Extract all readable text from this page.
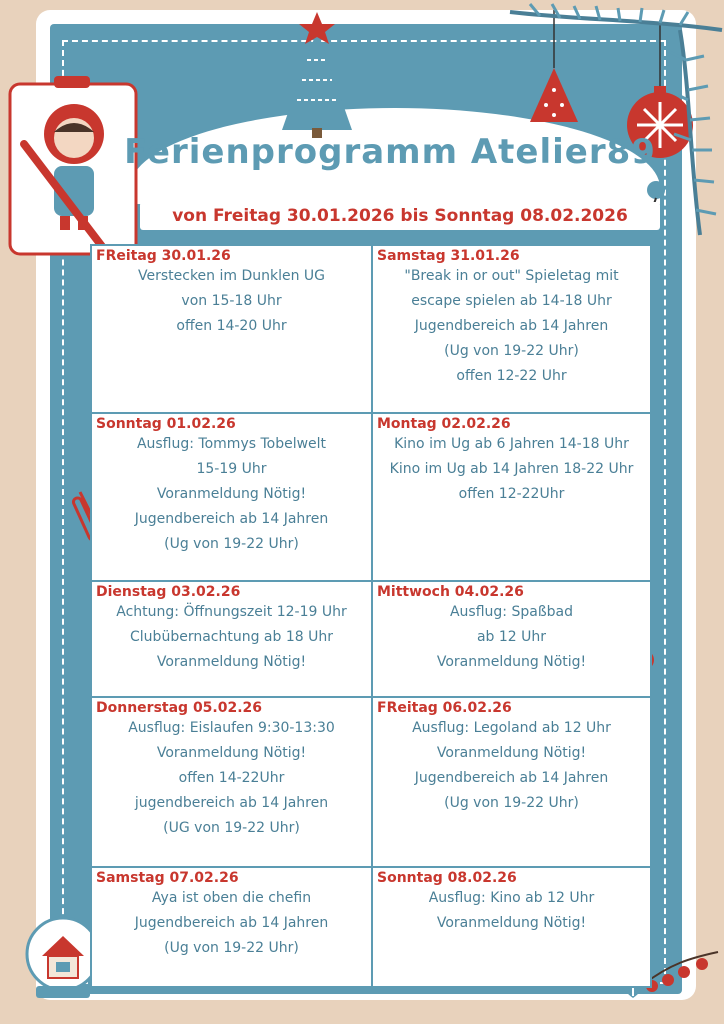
Ferienprogramm Atelier89
von Freitag 30.01.2026 bis Sonntag 08.02.2026
FReitag 30.01.26
Verstecken im Dunklen UG
von 15-18 Uhr
offen 14-20 Uhr
Samstag 31.01.26
"Break in or out" Spieletag mit
escape spielen ab 14-18 Uhr
Jugendbereich ab 14 Jahren
(Ug von 19-22 Uhr)
offen 12-22 Uhr
Sonntag 01.02.26
Ausflug: Tommys Tobelwelt
15-19 Uhr
Voranmeldung Nötig!
Jugendbereich ab 14 Jahren
(Ug von 19-22 Uhr)
Montag 02.02.26
Kino im Ug ab 6 Jahren 14-18 Uhr
Kino im Ug ab 14 Jahren 18-22 Uhr
offen 12-22Uhr
Dienstag 03.02.26
Achtung: Öffnungszeit 12-19 Uhr
Clubübernachtung ab 18 Uhr
Voranmeldung Nötig!
Mittwoch 04.02.26
Ausflug: Spaßbad
ab 12 Uhr
Voranmeldung Nötig!
Donnerstag 05.02.26
Ausflug: Eislaufen 9:30-13:30
Voranmeldung Nötig!
offen 14-22Uhr
jugendbereich ab 14 Jahren
(UG von 19-22 Uhr)
FReitag 06.02.26
Ausflug: Legoland ab 12 Uhr
Voranmeldung Nötig!
Jugendbereich ab 14 Jahren
(Ug von 19-22 Uhr)
Samstag 07.02.26
Aya ist oben die chefin
Jugendbereich ab 14 Jahren
(Ug von 19-22 Uhr)
Sonntag 08.02.26
Ausflug: Kino ab 12 Uhr
Voranmeldung Nötig!
